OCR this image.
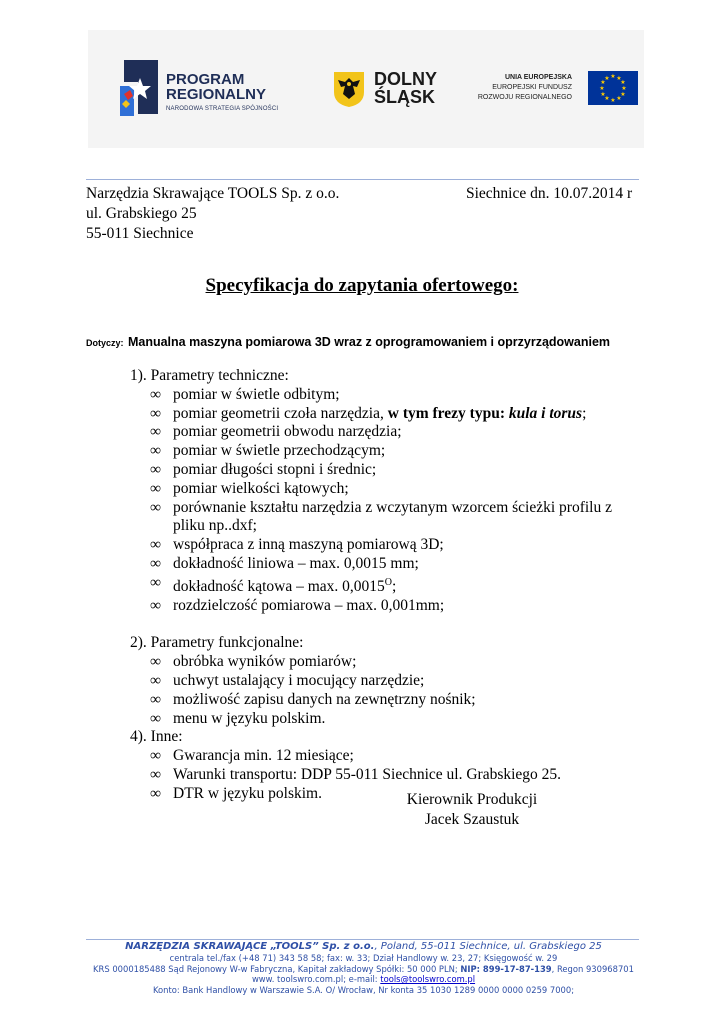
PROGRAM
REGIONALNY
NARODOWA STRATEGIA SPÓJNOŚCI
DOLNY
ŚLĄSK
UNIA EUROPEJSKA
EUROPEJSKI FUNDUSZ
ROZWOJU REGIONALNEGO
★ ★
★
★
★
★
★
★
★
★
★
★
Narzędzia Skrawające TOOLS Sp. z o.o.
ul. Grabskiego 25
55-011 Siechnice
Siechnice dn. 10.07.2014 r
Specyfikacja do zapytania ofertowego:
Dotyczy: Manualna maszyna pomiarowa 3D wraz z oprogramowaniem i oprzyrządowaniem
1). Parametry techniczne:
∞ pomiar w świetle odbitym;
∞ pomiar geometrii czoła narzędzia, w tym frezy typu: kula i torus;
∞ pomiar geometrii obwodu narzędzia;
∞ pomiar w świetle przechodzącym;
∞ pomiar długości stopni i średnic;
∞ pomiar wielkości kątowych;
∞ porównanie kształtu narzędzia z wczytanym wzorcem ścieżki profilu z pliku np..dxf;
∞ współpraca z inną maszyną pomiarową 3D;
∞ dokładność liniowa – max. 0,0015 mm;
∞ dokładność kątowa – max. $0,0015^O$;
∞ rozdzielczość pomiarowa – max. 0,001mm;
2). Parametry funkcjonalne:
∞ obróbka wyników pomiarów;
∞ uchwyt ustalający i mocujący narzędzie;
∞ możliwość zapisu danych na zewnętrzny nośnik;
∞ menu w języku polskim.
4). Inne:
∞ Gwarancja min. 12 miesiące;
∞ Warunki transportu: DDP 55-011 Siechnice ul. Grabskiego 25.
∞ DTR w języku polskim.	Kierownik Produkcji
Jacek Szaustuk
NARZĘDZIA SKRAWAJĄCE „TOOLS” Sp. z o.o., Poland, 55-011 Siechnice, ul. Grabskiego 25
centrala tel./fax (+48 71) 343 58 58; fax: w. 33; Dział Handlowy w. 23, 27; Księgowość w. 29
KRS 0000185488 Sąd Rejonowy W-w Fabryczna, Kapitał zakładowy Spółki: 50 000 PLN; NIP: 899-17-87-139, Regon 930968701
www. toolswro.com.pl; e-mail: tools@toolswro.com.pl
Konto: Bank Handlowy w Warszawie S.A. O/ Wrocław, Nr konta 35 1030 1289 0000 0000 0259 7000;
